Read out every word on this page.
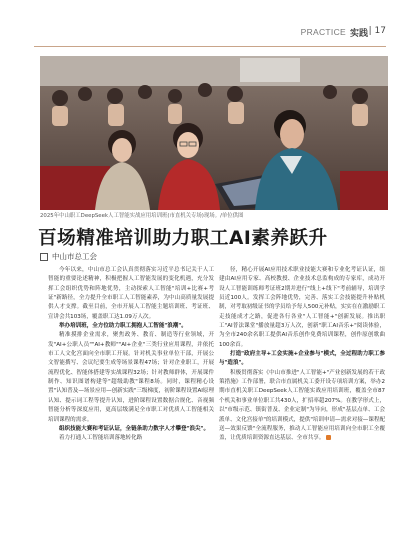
PRACTICE 实践 | 17
2025年中山职工DeepSeek人工智能实战应用培训班(市直机关专场)现场。/单位供图
百场精准培训助力职工AI素养跃升
中山市总工会

今年以来，中山市总工会认真贯彻落实习近平总书记关于人工智能的重要论述精神，积极把握人工智能发展的变化机遇，充分发挥工会组织优势和阵地优势，主动探索人工智能"培训+比赛+考证"新路径，全力提升全市职工人工智能素养，为中山高质量发展提供人才支撑。截至目前，全市开展人工智能主题培训班、考证班、宣讲会共103场，覆盖职工达1.09万人次。

举办培训班，全方位助力职工拥抱人工智能"浪潮"。

精准摸排企业需求，聚焦政务、教育、制造等行业领域，开发"AI+公职人员""AI+教师""AI+企业"三类行业应用课程，并依托市工人文化宫面向全市职工开展。针对机关事业单位干部，开展公文智能撰写、会议纪要生成等场景课程47场；针对企业职工，开展流程优化、智能体搭建等实战课程32场；针对教师群体，开展课件制作、知识图谱构建等"超级助教"课程8场。同时，课程精心设置"认知普及—场景应用—创新实践"三级梯度，初阶课程设置AI原理认知、提示词工程等提升认知，进阶课程设置数据合规化、音视频智能分析等深度应用，更高层级满足全市职工对优质人工智能相关培训课程的需求。

组织技能大赛和考证认证，全链条助力数字人才攀登"浪尖"。

着力打通人工智能培训落地转化路

径，精心开展AI应用技术职业技能大赛和专业化考证认证，组建由AI应用专家、高校教授、企业技术总监构成的专家库，成功开设人工智能训练师考证班2期并进行"线上+线下"考前辅导，培训学员近100人。发挥工会阵地优势，完善、落实工会技能提升补贴机制，对考取初级证书的学员给予每人500元补贴，实实在在激励职工走技能成才之路，促进各行各业"人工智能+"创新发展。推出职工"AI普法课堂"播放量超3万人次，创新"职工AI音乐+"阅读体验，为全市240余名职工提供AI音乐创作免费培训课程，创作原创歌曲100余首。

打造"政府主导+工会实施+企业参与"模式，全过程助力职工参与"造浪"。

积极贯彻落实《中山市推进"人工智能+"产业创新发展的若干政策措施》工作部署，联合市直属机关工委开设专项培训方案，举办2期市直机关职工DeepSeek人工智能实战应用培训班，覆盖全市87个机关和事业单位职工共430人，扩招率超207%。在教学形式上，以"市级示范、镇街普及、企业定制"为导向，形成"基层点单、工会派单、文化宫接单"的培训模式，提供"培训申请—需求对接—课程配送—效果反馈"全流程服务，推动人工智能应用培训向全市职工全覆盖，让优质培训资源直达基层、全市共享。
